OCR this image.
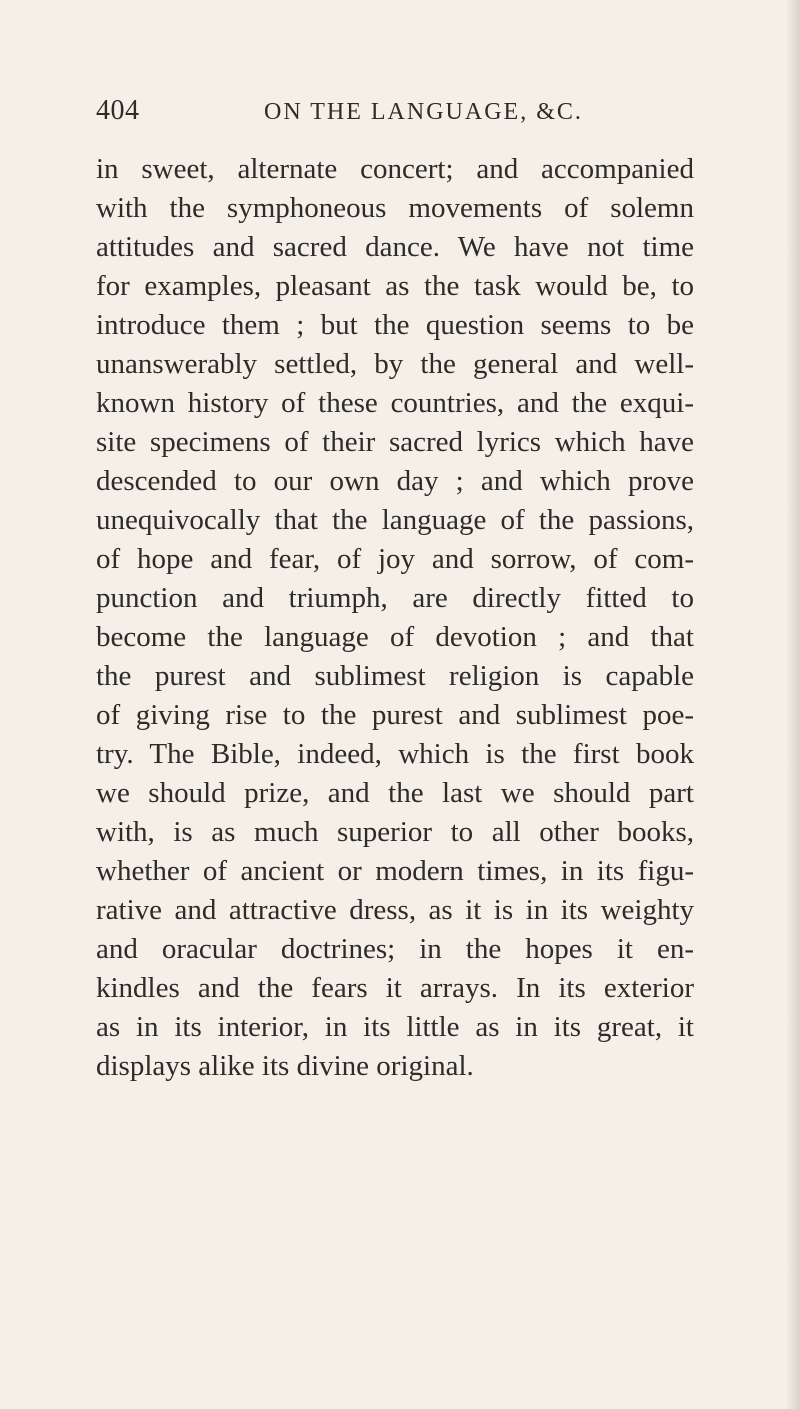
404	ON THE LANGUAGE, &C.
in sweet, alternate concert; and accompanied
with the symphoneous movements of solemn
attitudes and sacred dance. We have not time
for examples, pleasant as the task would be, to
introduce them ; but the question seems to be
unanswerably settled, by the general and well-
known history of these countries, and the exqui-
site specimens of their sacred lyrics which have
descended to our own day ; and which prove
unequivocally that the language of the passions,
of hope and fear, of joy and sorrow, of com-
punction and triumph, are directly fitted to
become the language of devotion ; and that
the purest and sublimest religion is capable
of giving rise to the purest and sublimest poe-
try. The Bible, indeed, which is the first book
we should prize, and the last we should part
with, is as much superior to all other books,
whether of ancient or modern times, in its figu-
rative and attractive dress, as it is in its weighty
and oracular doctrines; in the hopes it en-
kindles and the fears it arrays. In its exterior
as in its interior, in its little as in its great, it
displays alike its divine original.
